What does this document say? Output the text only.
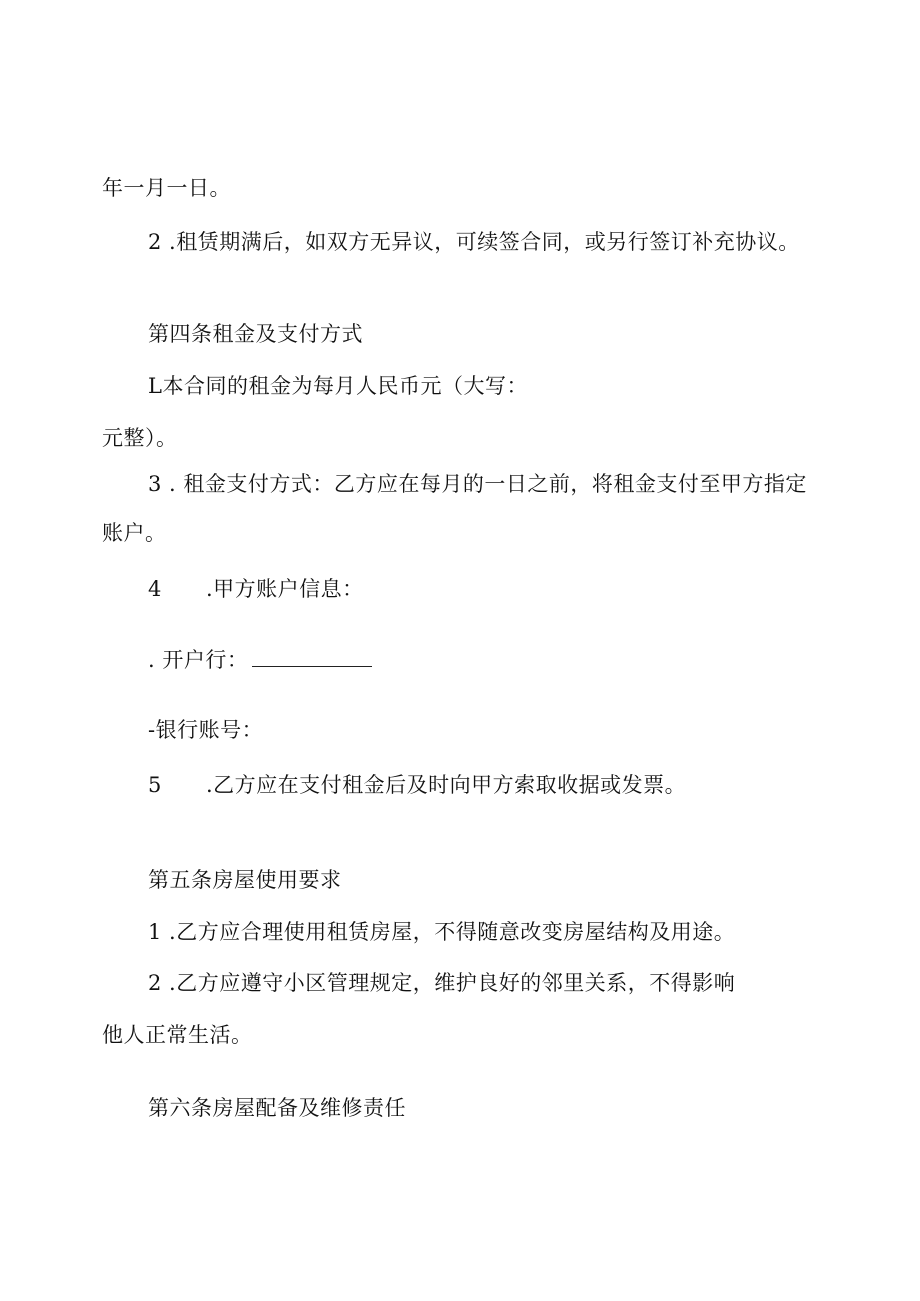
年一月一日。
2 .租赁期满后，如双方无异议，可续签合同，或另行签订补充协议。
第四条租金及支付方式
L本合同的租金为每月人民币元（大写：
元整）。
3 . 租金支付方式：乙方应在每月的一日之前，将租金支付至甲方指定
账户。
4 .甲方账户信息：
. 开户行：
-银行账号：
5 .乙方应在支付租金后及时向甲方索取收据或发票。
第五条房屋使用要求
1 .乙方应合理使用租赁房屋，不得随意改变房屋结构及用途。
2 .乙方应遵守小区管理规定，维护良好的邻里关系，不得影响
他人正常生活。
第六条房屋配备及维修责任
